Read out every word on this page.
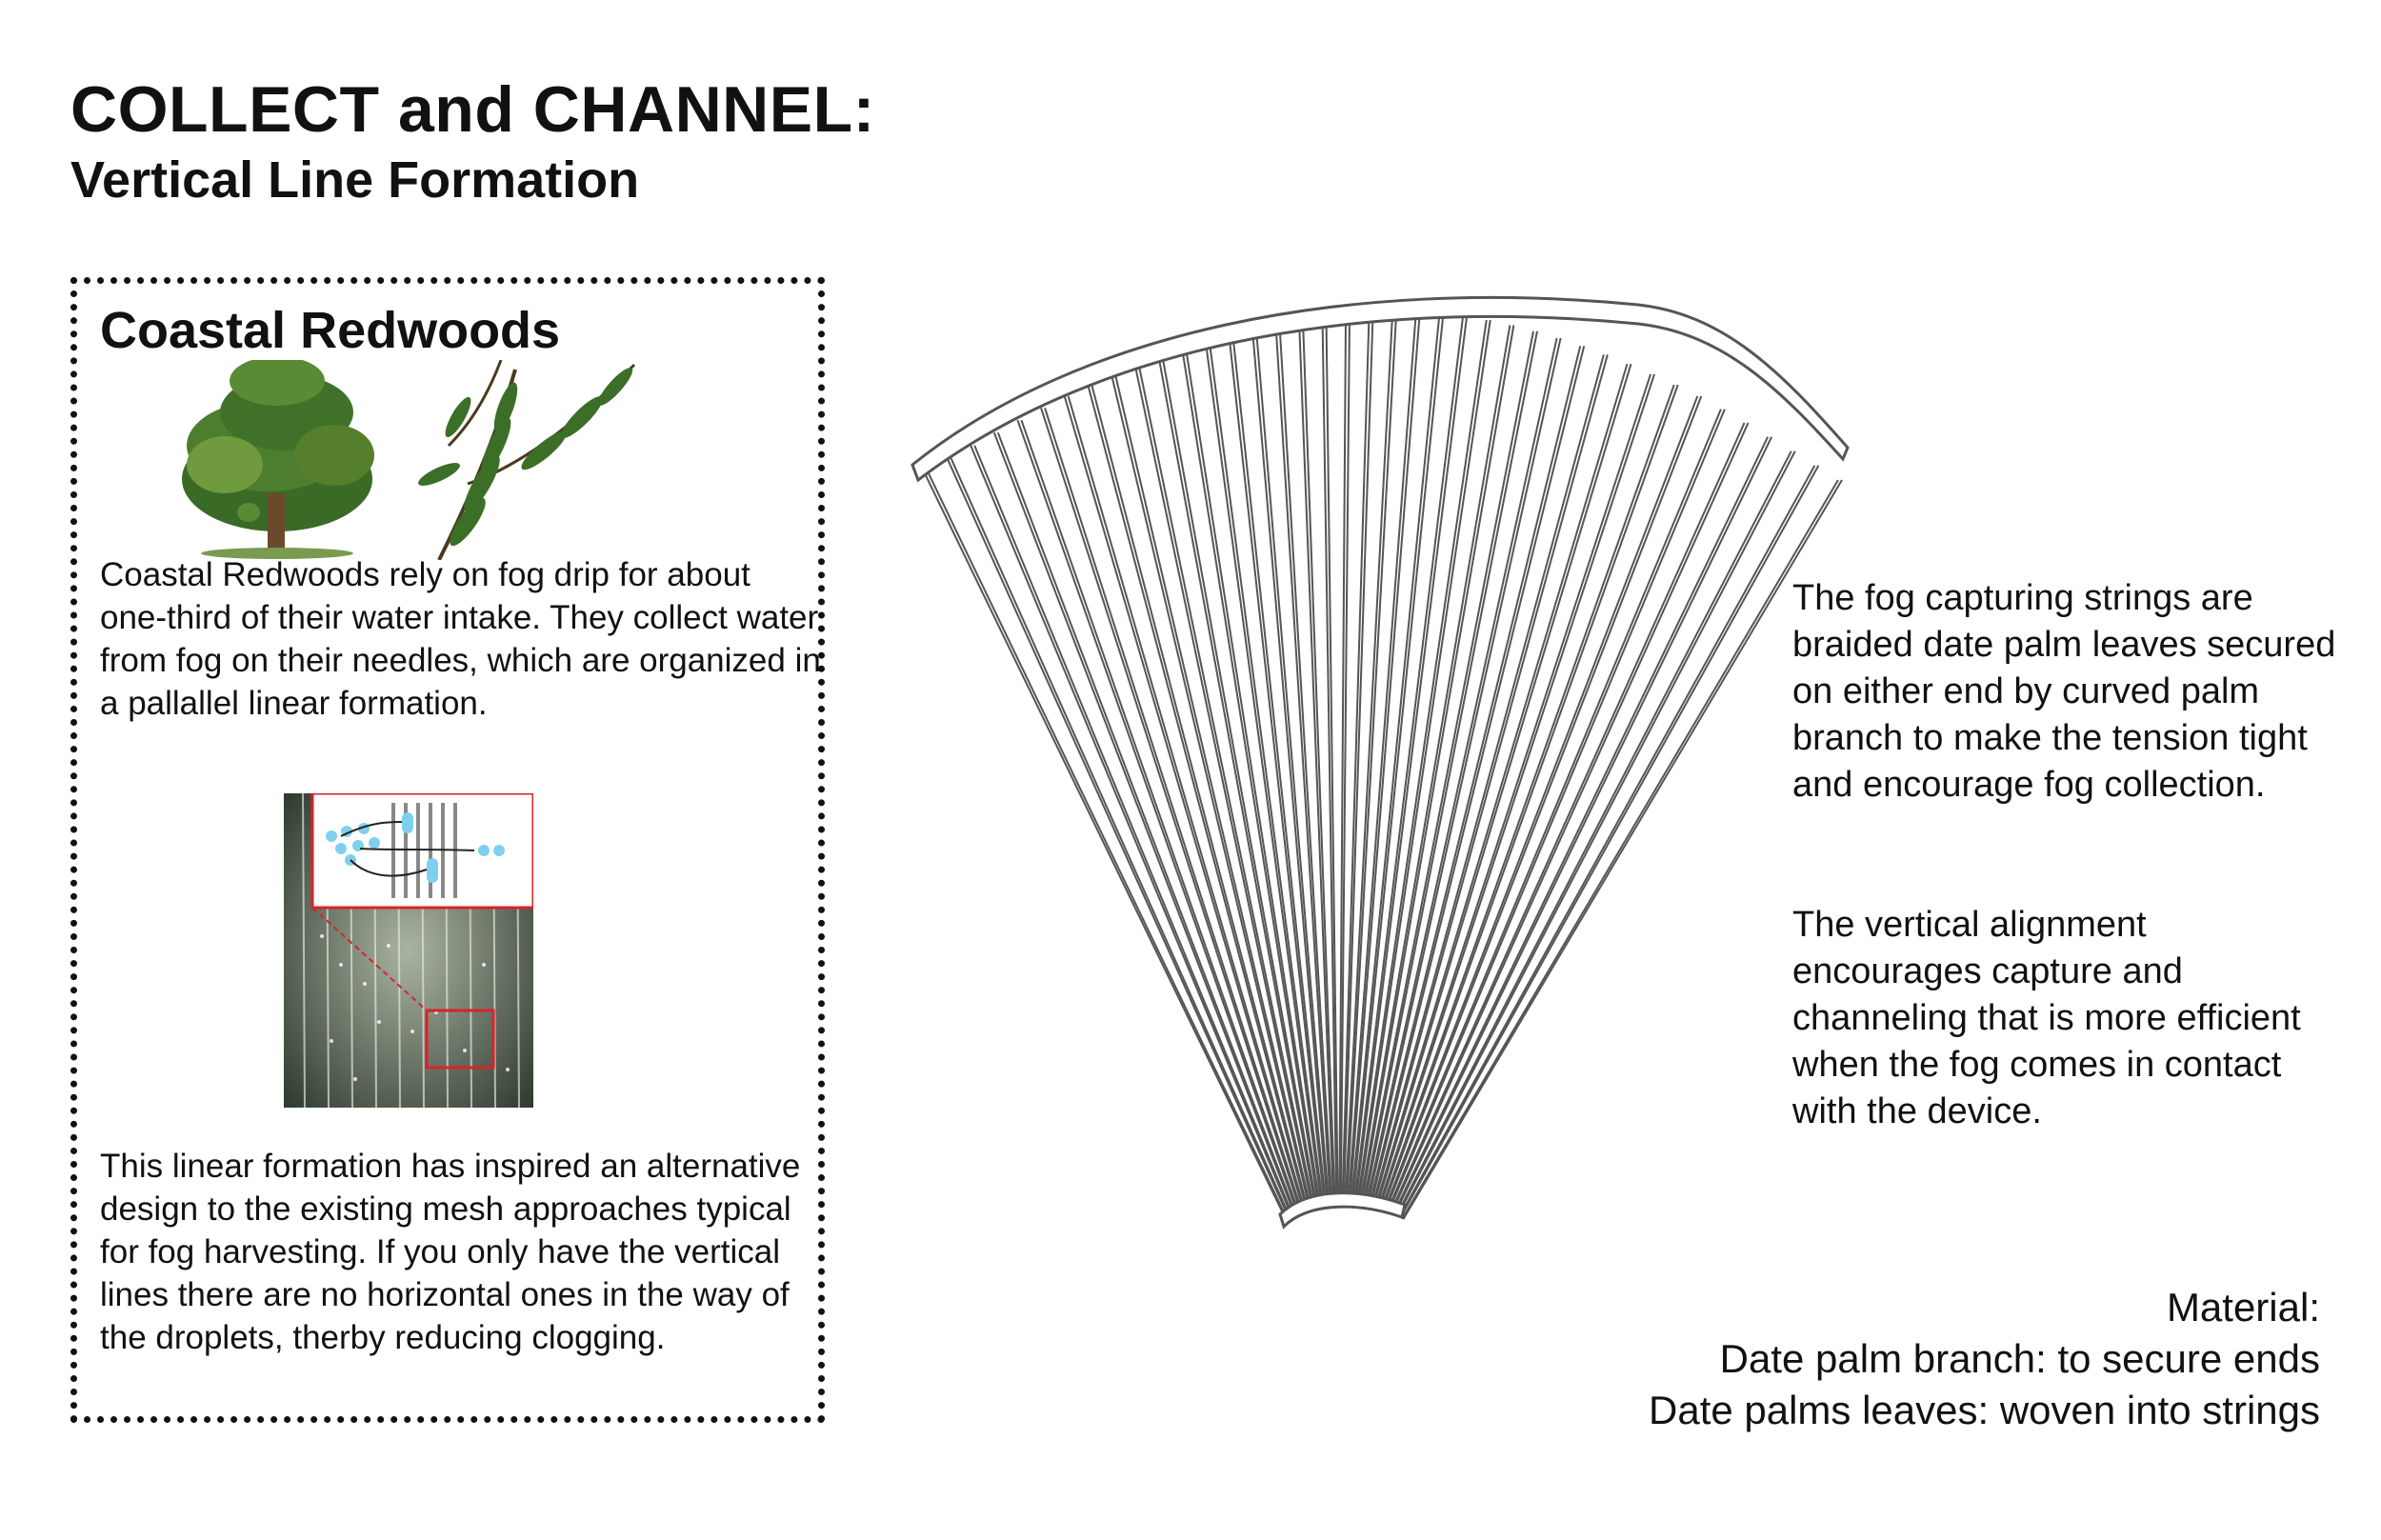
COLLECT and CHANNEL:
Vertical Line Formation
Coastal Redwoods

Coastal Redwoods rely on fog drip for about one-third of their water intake. They collect water from fog on their needles, which are organized in a pallallel linear formation.

This linear formation has inspired an alternative design to the existing mesh approaches typical for fog harvesting. If you only have the vertical lines there are no horizontal ones in the way of the droplets, therby reducing clogging.

The fog capturing strings are braided date palm leaves secured on either end by curved palm branch to make the tension tight and encourage fog collection.

The vertical alignment encourages capture and channeling that is more efficient when the fog comes in contact with the device.

Material:
Date palm branch: to secure ends
Date palms leaves: woven into strings
